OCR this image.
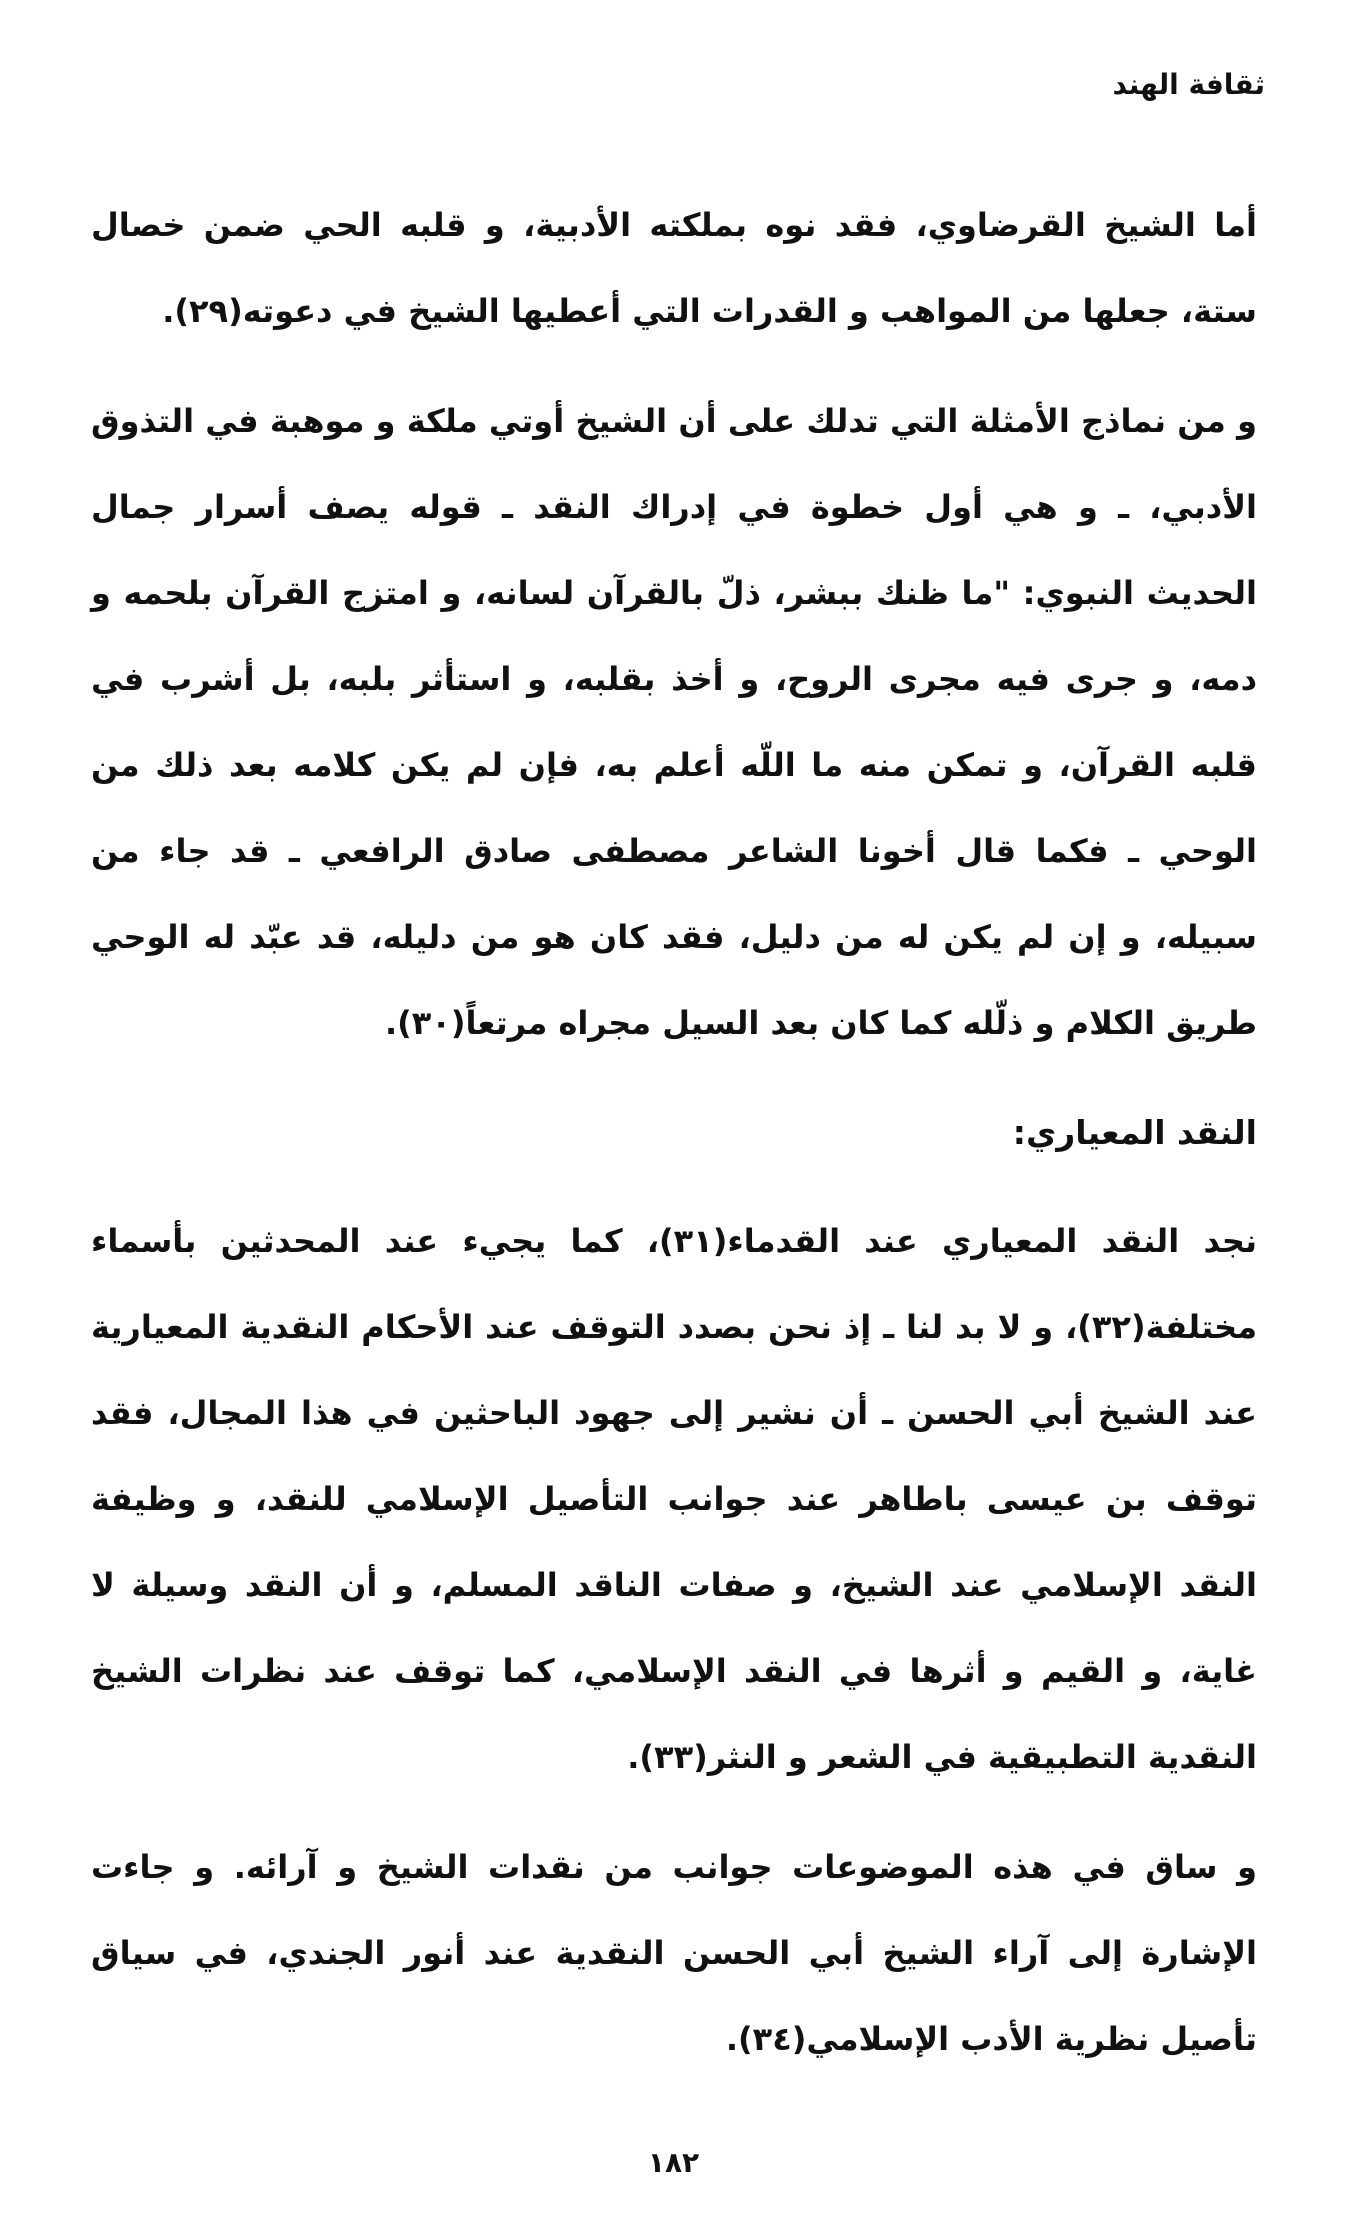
ثقافة الهند

أما الشيخ القرضاوي، فقد نوه بملكته الأدبية، و قلبه الحي ضمن خصال ستة، جعلها من المواهب و القدرات التي أعطيها الشيخ في دعوته(٢٩).

و من نماذج الأمثلة التي تدلك على أن الشيخ أوتي ملكة و موهبة في التذوق الأدبي، ـ و هي أول خطوة في إدراك النقد ـ قوله يصف أسرار جمال الحديث النبوي: "ما ظنك ببشر، ذلّ بالقرآن لسانه، و امتزج القرآن بلحمه و دمه، و جرى فيه مجرى الروح، و أخذ بقلبه، و استأثر بلبه، بل أشرب في قلبه القرآن، و تمكن منه ما اللّه أعلم به، فإن لم يكن كلامه بعد ذلك من الوحي ـ فكما قال أخونا الشاعر مصطفى صادق الرافعي ـ قد جاء من سبيله، و إن لم يكن له من دليل، فقد كان هو من دليله، قد عبّد له الوحي طريق الكلام و ذلّله كما كان بعد السيل مجراه مرتعاً(٣٠).

النقد المعياري:

نجد النقد المعياري عند القدماء(٣١)، كما يجيء عند المحدثين بأسماء مختلفة(٣٢)، و لا بد لنا ـ إذ نحن بصدد التوقف عند الأحكام النقدية المعيارية عند الشيخ أبي الحسن ـ أن نشير إلى جهود الباحثين في هذا المجال، فقد توقف بن عيسى باطاهر عند جوانب التأصيل الإسلامي للنقد، و وظيفة النقد الإسلامي عند الشيخ، و صفات الناقد المسلم، و أن النقد وسيلة لا غاية، و القيم و أثرها في النقد الإسلامي، كما توقف عند نظرات الشيخ النقدية التطبيقية في الشعر و النثر(٣٣).

و ساق في هذه الموضوعات جوانب من نقدات الشيخ و آرائه. و جاءت الإشارة إلى آراء الشيخ أبي الحسن النقدية عند أنور الجندي، في سياق تأصيل نظرية الأدب الإسلامي(٣٤).

١٨٢
